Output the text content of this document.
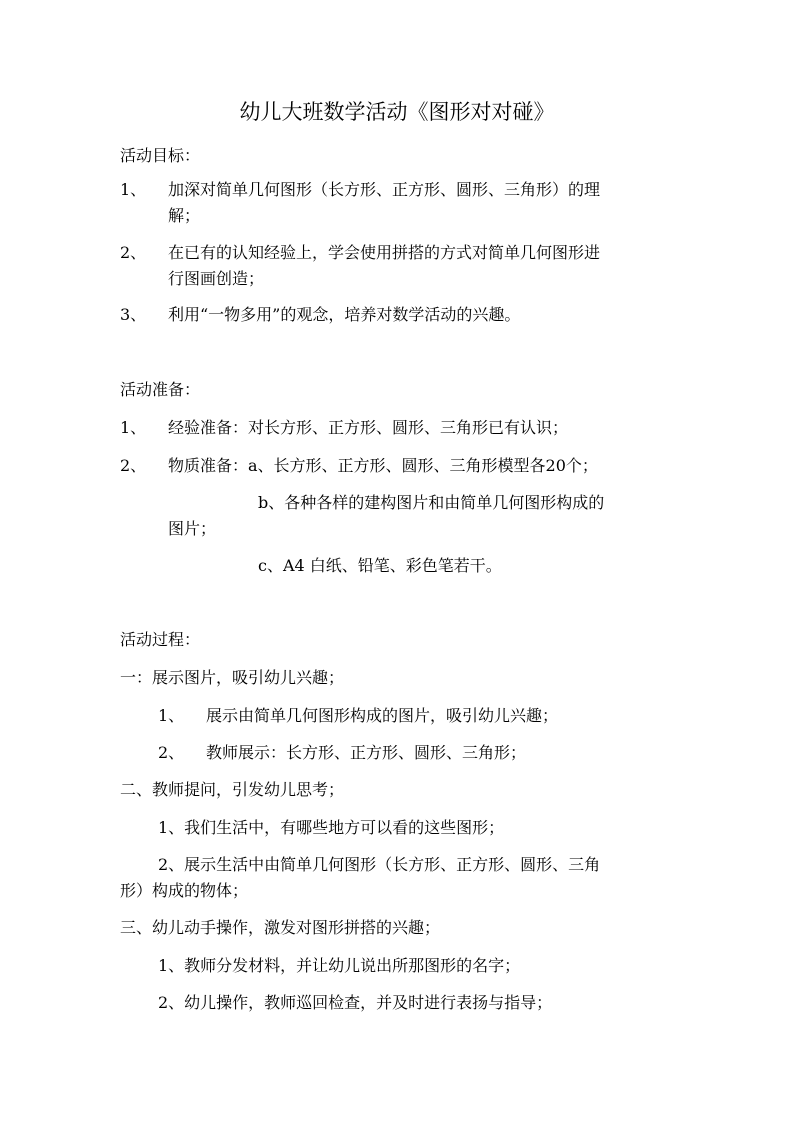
幼儿大班数学活动《图形对对碰》
活动目标：
1、 加深对简单几何图形（长方形、正方形、圆形、三角形）的理
解；
2、 在已有的认知经验上，学会使用拼搭的方式对简单几何图形进
行图画创造；
3、 利用“一物多用”的观念，培养对数学活动的兴趣。
活动准备：
1、 经验准备：对长方形、正方形、圆形、三角形已有认识；
2、 物质准备：a、长方形、正方形、圆形、三角形模型各20个；
b、各种各样的建构图片和由简单几何图形构成的
图片；
c、A4 白纸、铅笔、彩色笔若干。
活动过程：
一：展示图片，吸引幼儿兴趣；
1、 展示由简单几何图形构成的图片，吸引幼儿兴趣；
2、 教师展示：长方形、正方形、圆形、三角形；
二、教师提问，引发幼儿思考；
1、我们生活中，有哪些地方可以看的这些图形；
2、展示生活中由简单几何图形（长方形、正方形、圆形、三角
形）构成的物体；
三、幼儿动手操作，激发对图形拼搭的兴趣；
1、教师分发材料，并让幼儿说出所那图形的名字；
2、幼儿操作，教师巡回检查，并及时进行表扬与指导；
